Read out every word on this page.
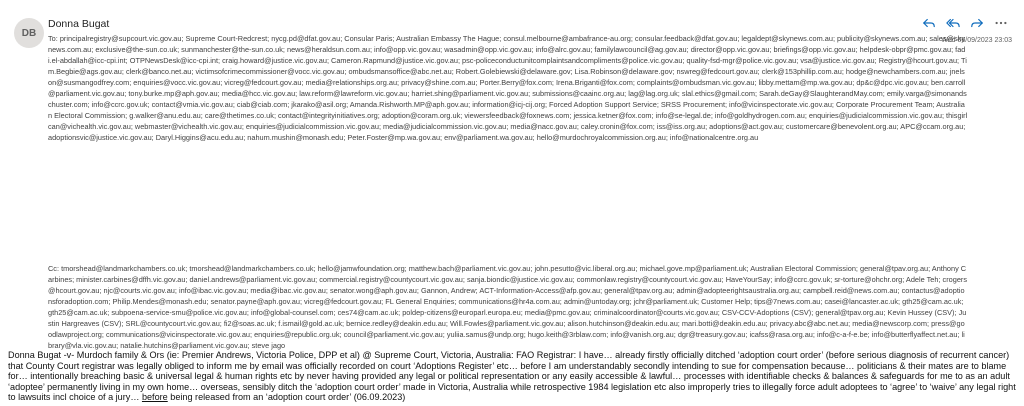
DB
Donna Bugat
Wed 06/09/2023 23:03
To: principalregistry@supcourt.vic.gov.au; Supreme Court-Redcrest; nycg.pd@dfat.gov.au; Consular Paris; Australian Embassy The Hague; consul.melbourne@ambafrance-au.org; consular.feedback@dfat.gov.au; legaldept@skynews.com.au; publicity@skynews.com.au; sales@skynews.com.au; exclusive@the-sun.co.uk; sunmanchester@the-sun.co.uk; news@heraldsun.com.au; info@opp.vic.gov.au; wasadmin@opp.vic.gov.au; info@alrc.gov.au; familylawcouncil@ag.gov.au; director@opp.vic.gov.au; briefings@opp.vic.gov.au; helpdesk-obpr@pmc.gov.au; fadi.el-abdallah@icc-cpi.int; OTPNewsDesk@icc-cpi.int; craig.howard@justice.vic.gov.au; Cameron.Rapmund@justice.vic.gov.au; psc-policeconductunitcomplaintsandcompliments@police.vic.gov.au; quality-fsd-mgr@police.vic.gov.au; vsa@justice.vic.gov.au; Registry@hcourt.gov.au; Tim.Begbie@ags.gov.au; clerk@banco.net.au; victimsofcrimecommissioner@vocc.vic.gov.au; ombudsmansoffice@abc.net.au; Robert.Golebiewski@delaware.gov; Lisa.Robinson@delaware.gov; nswreg@fedcourt.gov.au; clerk@153phillip.com.au; hodge@newchambers.com.au; jnelson@susmangodfrey.com; enquiries@vocc.vic.gov.au; vicreg@fedcourt.gov.au; media@relationships.org.au; privacy@shine.com.au; Porter.Berry@fox.com; Irena.Briganti@fox.com; complaints@ombudsman.vic.gov.au; libby.mettam@mp.wa.gov.au; dp&c@dpc.vic.gov.au; ben.carroll@parliament.vic.gov.au; tony.burke.mp@aph.gov.au; media@hcc.vic.gov.au; law.reform@lawreform.vic.gov.au; harriet.shing@parliament.vic.gov.au; submissions@caainc.org.au; lag@lag.org.uk; slal.ethics@gmail.com; Sarah.deGay@SlaughterandMay.com; emily.varga@simonandschuster.com; info@ccrc.gov.uk; contact@vmia.vic.gov.au; ciab@ciab.com; jkarako@asil.org; Amanda.Rishworth.MP@aph.gov.au; information@icj-cij.org; Forced Adoption Support Service; SRSS Procurement; info@vicinspectorate.vic.gov.au; Corporate Procurement Team; Australian Electoral Commission; g.walker@anu.edu.au; care@thetimes.co.uk; contact@integrityinitiatives.org; adoption@coram.org.uk; viewersfeedback@foxnews.com; jessica.ketner@fox.com; info@se-legal.de; info@goldhydrogen.com.au; enquiries@judicialcommission.vic.gov.au; thisgirlcan@vichealth.vic.gov.au; webmaster@vichealth.vic.gov.au; enquiries@judicialcommission.vic.gov.au; media@judicialcommission.vic.gov.au; media@nacc.gov.au; caley.cronin@fox.com; iss@iss.org.au; adoptions@act.gov.au; customercare@benevolent.org.au; APC@ccam.org.au; adoptionsvic@justice.vic.gov.au; Daryl.Higgins@acu.edu.au; nahum.mushin@monash.edu; Peter.Foster@mp.wa.gov.au; env@parliament.wa.gov.au; hello@murdochroyalcommission.org.au; info@nationalcentre.org.au
Cc: tmorshead@landmarkchambers.co.uk; tmorshead@landmarkchambers.co.uk; hello@jamwfoundation.org; matthew.bach@parliament.vic.gov.au; john.pesutto@vic.liberal.org.au; michael.gove.mp@parliament.uk; Australian Electoral Commission; general@tpav.org.au; Anthony Carbines; minister.carbines@dffh.vic.gov.au; daniel.andrews@parliament.vic.gov.au; commercial.registry@countycourt.vic.gov.au; sanja.biondic@justice.vic.gov.au; commonlaw.registry@countycourt.vic.gov.au; HaveYourSay; info@ccrc.gov.uk; sr-torture@ohchr.org; Adele Teh; crogers@hcourt.gov.au; njc@courts.vic.gov.au; info@ibac.vic.gov.au; media@ibac.vic.gov.au; senator.wong@aph.gov.au; Gannon, Andrew; ACT-Information-Access@afp.gov.au; general@tpav.org.au; admin@adopteerightsaustralia.org.au; campbell.reid@news.com.au; contactus@adoptionsforadoption.com; Philip.Mendes@monash.edu; senator.payne@aph.gov.au; vicreg@fedcourt.gov.au; FL General Enquiries; communications@hr4a.com.au; admin@untoday.org; jchr@parliament.uk; Customer Help; tips@7news.com.au; casei@lancaster.ac.uk; gth25@cam.ac.uk; gth25@cam.ac.uk; subpoena-service-smu@police.vic.gov.au; info@global-counsel.com; ces74@cam.ac.uk; poldep-citizens@europarl.europa.eu; media@pmc.gov.au; criminalcoordinator@courts.vic.gov.au; CSV-CCV-Adoptions (CSV); general@tpav.org.au; Kevin Hussey (CSV); Justin Hargreaves (CSV); SRL@countycourt.vic.gov.au; fi2@soas.ac.uk; f.ismail@gold.ac.uk; bernice.redley@deakin.edu.au; Will.Fowles@parliament.vic.gov.au; alison.hutchinson@deakin.edu.au; mari.botti@deakin.edu.au; privacy.abc@abc.net.au; media@newscorp.com; press@goodlawproject.org; communications@vicinspectorate.vic.gov.au; enquiries@republic.org.uk; council@parliament.vic.gov.au; yuliia.samus@undp.org; hugo.keith@3rblaw.com; info@vanish.org.au; dgr@treasury.gov.au; icafss@rasa.org.au; info@c-a-f-e.be; info@butterflyaffect.net.au; library@vla.vic.gov.au; natalie.hutchins@parliament.vic.gov.au; steve jago
Donna Bugat -v- Murdoch family & Ors (ie: Premier Andrews, Victoria Police, DPP et al) @ Supreme Court, Victoria, Australia: FAO Registrar: I have… already firstly officially ditched ‘adoption court order’ (before serious diagnosis of recurrent cancer) that County Court registrar was legally obliged to inform me by email was officially recorded on court ‘Adoptions Register’ etc… before I am understandably secondly intending to sue for compensation because… politicians & their mates are to blame for… intentionally breaching basic & universal legal & human rights etc by never having provided any legal or political representation or any easily accessible & lawful… processes with identifiable checks & balances & safeguards for me to as an adult ‘adoptee’ permanently living in my own home… overseas, sensibly ditch the ‘adoption court order’ made in Victoria, Australia while retrospective 1984 legislation etc also improperly tries to illegally force adult adoptees to ‘agree’ to ‘waive’ any legal right to lawsuits incl choice of a jury… before being released from an ‘adoption court order’ (06.09.2023)
